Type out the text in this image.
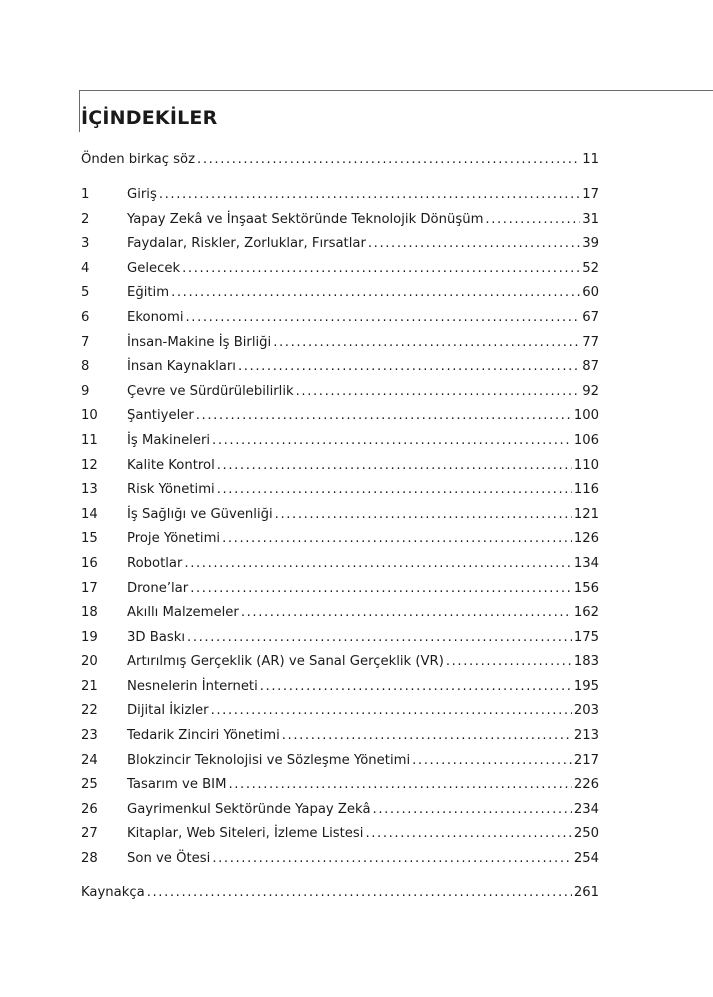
İÇİNDEKİLER
Önden birkaç söz .....	11
1	Giriş .....	17
2	Yapay Zekâ ve İnşaat Sektöründe Teknolojik Dönüşüm .....	31
3	Faydalar, Riskler, Zorluklar, Fırsatlar .....	39
4	Gelecek .....	52
5	Eğitim .....	60
6	Ekonomi .....	67
7	İnsan-Makine İş Birliği .....	77
8	İnsan Kaynakları .....	87
9	Çevre ve Sürdürülebilirlik .....	92
10	Şantiyeler .....	100
11	İş Makineleri .....	106
12	Kalite Kontrol .....	110
13	Risk Yönetimi .....	116
14	İş Sağlığı ve Güvenliği .....	121
15	Proje Yönetimi .....	126
16	Robotlar .....	134
17	Drone’lar .....	156
18	Akıllı Malzemeler .....	162
19	3D Baskı .....	175
20	Artırılmış Gerçeklik (AR) ve Sanal Gerçeklik (VR) .....	183
21	Nesnelerin İnterneti .....	195
22	Dijital İkizler .....	203
23	Tedarik Zinciri Yönetimi .....	213
24	Blokzincir Teknolojisi ve Sözleşme Yönetimi .....	217
25	Tasarım ve BIM .....	226
26	Gayrimenkul Sektöründe Yapay Zekâ .....	234
27	Kitaplar, Web Siteleri, İzleme Listesi .....	250
28	Son ve Ötesi .....	254
Kaynakça .....	261
